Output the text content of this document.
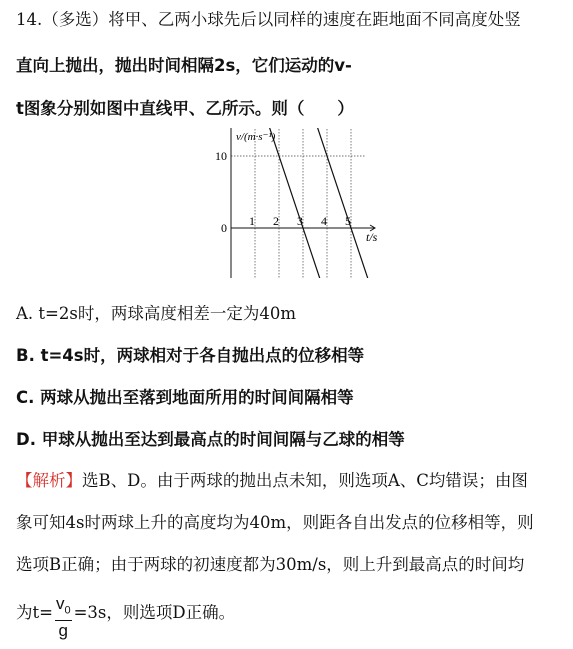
14.（多选）将甲、乙两小球先后以同样的速度在距地面不同高度处竖
直向上抛出，抛出时间相隔2s，它们运动的v-
t图象分别如图中直线甲、乙所示。则（　　）
1 2 3 4 5
10
0
v/(m·s⁻¹)
t/s
A. t=2s时，两球高度相差一定为40m
B. t=4s时，两球相对于各自抛出点的位移相等
C. 两球从抛出至落到地面所用的时间间隔相等
D. 甲球从抛出至达到最高点的时间间隔与乙球的相等
【解析】选B、D。由于两球的抛出点未知，则选项A、C均错误；由图
象可知4s时两球上升的高度均为40m，则距各自出发点的位移相等，则
选项B正确；由于两球的初速度都为30m/s，则上升到最高点的时间均
为$t= \frac{v_0}{g} =3s$，则选项D正确。
